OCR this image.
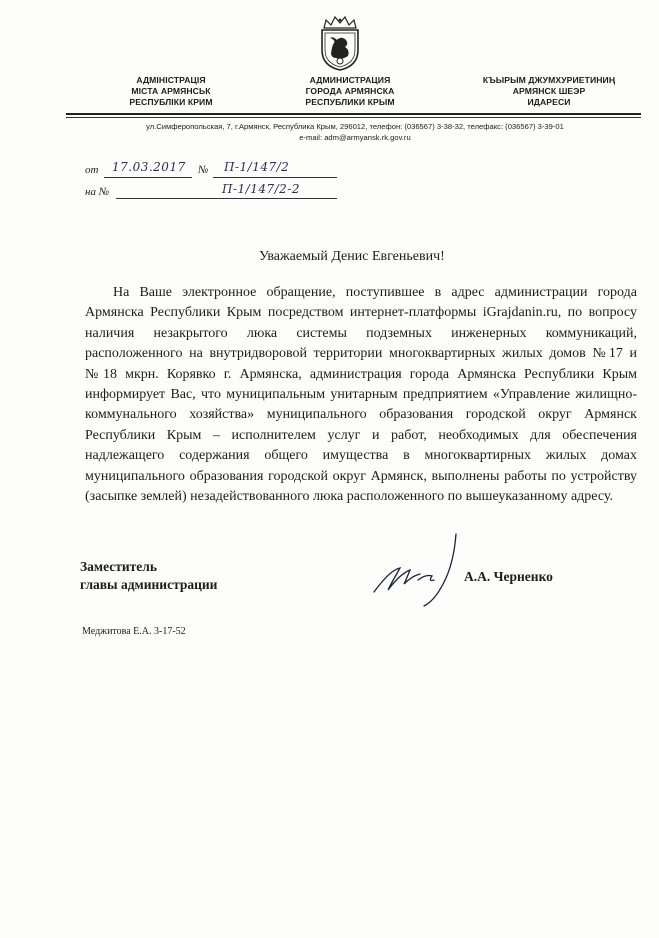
АДМІНІСТРАЦІЯ
МІСТА АРМЯНСЬК
РЕСПУБЛІКИ КРИМ
АДМИНИСТРАЦИЯ
ГОРОДА АРМЯНСКА
РЕСПУБЛИКИ КРЫМ
КЪЫРЫМ ДЖУМХУРИЕТИНИҢ
АРМЯНСК ШЕЭР
ИДАРЕСИ
ул.Симферопольская, 7, г.Армянск, Республика Крым, 296012, телефон: (036567) 3-38-32, телефакс: (036567) 3-39-01
e-mail: adm@armyansk.rk.gov.ru
от 17.03.2017 № П-1/147/2
на №	П-1/147/2-2
Уважаемый Денис Евгеньевич!
На Ваше электронное обращение, поступившее в адрес администрации города Армянска Республики Крым посредством интернет-платформы iGrajdanin.ru, по вопросу наличия незакрытого люка системы подземных инженерных коммуникаций, расположенного на внутридворовой территории многоквартирных жилых домов №17 и №18 мкрн. Корявко г. Армянска, администрация города Армянска Республики Крым информирует Вас, что муниципальным унитарным предприятием «Управление жилищно-коммунального хозяйства» муниципального образования городской округ Армянск Республики Крым – исполнителем услуг и работ, необходимых для обеспечения надлежащего содержания общего имущества в многоквартирных жилых домах муниципального образования городской округ Армянск, выполнены работы по устройству (засыпке землей) незадействованного люка расположенного по вышеуказанному адресу.
Заместитель
главы администрации
А.А. Черненко
Меджитова Е.А. 3-17-52
